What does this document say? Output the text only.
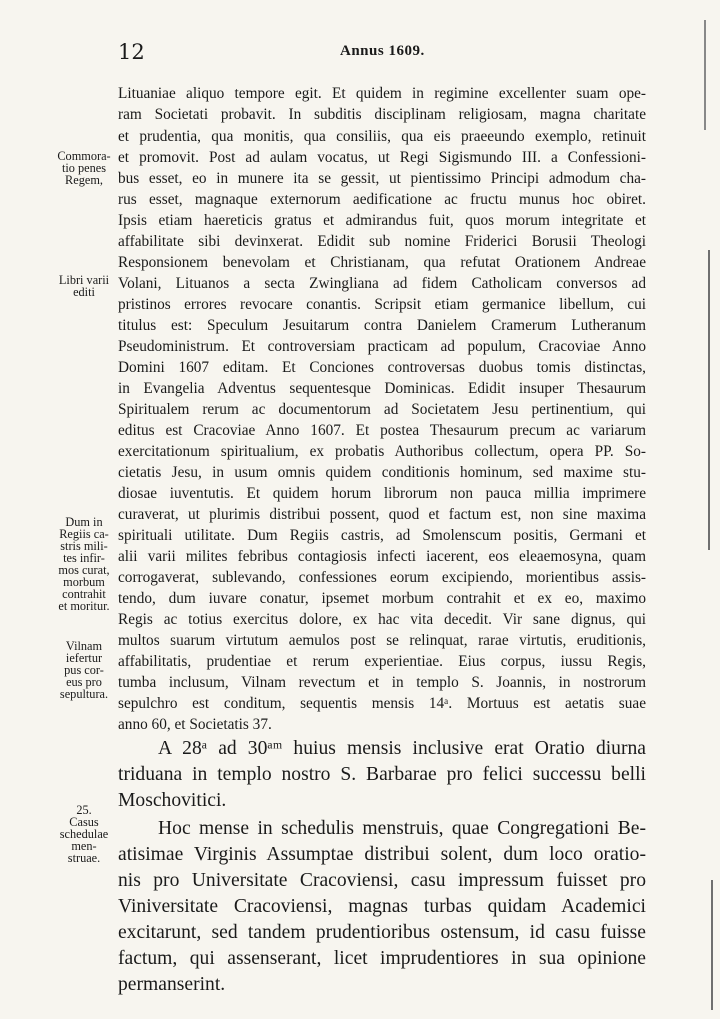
12	Annus 1609.
Lituaniae aliquo tempore egit. Et quidem in regimine excellenter suam ope-
ram Societati probavit. In subditis disciplinam religiosam, magna charitate
et prudentia, qua monitis, qua consiliis, qua eis praeeundo exemplo, retinuit
et promovit. Post ad aulam vocatus, ut Regi Sigismundo III. a Confessioni-
bus esset, eo in munere ita se gessit, ut pientissimo Principi admodum cha-
rus esset, magnaque externorum aedificatione ac fructu munus hoc obiret.
Ipsis etiam haereticis gratus et admirandus fuit, quos morum integritate et
affabilitate sibi devinxerat. Edidit sub nomine Friderici Borusii Theologi
Responsionem benevolam et Christianam, qua refutat Orationem Andreae
Volani, Lituanos a secta Zwingliana ad fidem Catholicam conversos ad
pristinos errores revocare conantis. Scripsit etiam germanice libellum, cui
titulus est: Speculum Jesuitarum contra Danielem Cramerum Lutheranum
Pseudoministrum. Et controversiam practicam ad populum, Cracoviae Anno
Domini 1607 editam. Et Conciones controversas duobus tomis distinctas,
in Evangelia Adventus sequentesque Dominicas. Edidit insuper Thesaurum
Spiritualem rerum ac documentorum ad Societatem Jesu pertinentium, qui
editus est Cracoviae Anno 1607. Et postea Thesaurum precum ac variarum
exercitationum spiritualium, ex probatis Authoribus collectum, opera PP. So-
cietatis Jesu, in usum omnis quidem conditionis hominum, sed maxime stu-
diosae iuventutis. Et quidem horum librorum non pauca millia imprimere
curaverat, ut plurimis distribui possent, quod et factum est, non sine maxima
spirituali utilitate. Dum Regiis castris, ad Smolenscum positis, Germani et
alii varii milites febribus contagiosis infecti iacerent, eos eleaemosyna, quam
corrogaverat, sublevando, confessiones eorum excipiendo, morientibus assis-
tendo, dum iuvare conatur, ipsemet morbum contrahit et ex eo, maximo
Regis ac totius exercitus dolore, ex hac vita decedit. Vir sane dignus, qui
multos suarum virtutum aemulos post se relinquat, rarae virtutis, eruditionis,
affabilitatis, prudentiae et rerum experientiae. Eius corpus, iussu Regis,
tumba inclusum, Vilnam revectum et in templo S. Joannis, in nostrorum
sepulchro est conditum, sequentis mensis 14ᵃ. Mortuus est aetatis suae
anno 60, et Societatis 37.
A 28ᵃ ad 30ᵃᵐ huius mensis inclusive erat Oratio diurna
triduana in templo nostro S. Barbarae pro felici successu belli
Moschovitici.
Hoc mense in schedulis menstruis, quae Congregationi Be-
atisimae Virginis Assumptae distribui solent, dum loco oratio-
nis pro Universitate Cracoviensi, casu impressum fuisset pro
Viniversitate Cracoviensi, magnas turbas quidam Academici
excitarunt, sed tandem prudentioribus ostensum, id casu fuisse
factum, qui assenserant, licet imprudentiores in sua opinione
permanserint.
Commora-
tio penes
Regem,
Libri varii
editi
Dum in
Regiis ca-
stris mili-
tes infir-
mos curat,
morbum
contrahit
et moritur.
Vilnam
iefertur
pus cor-
eus pro
sepultura.
25.
Casus
schedulae
men-
struae.
